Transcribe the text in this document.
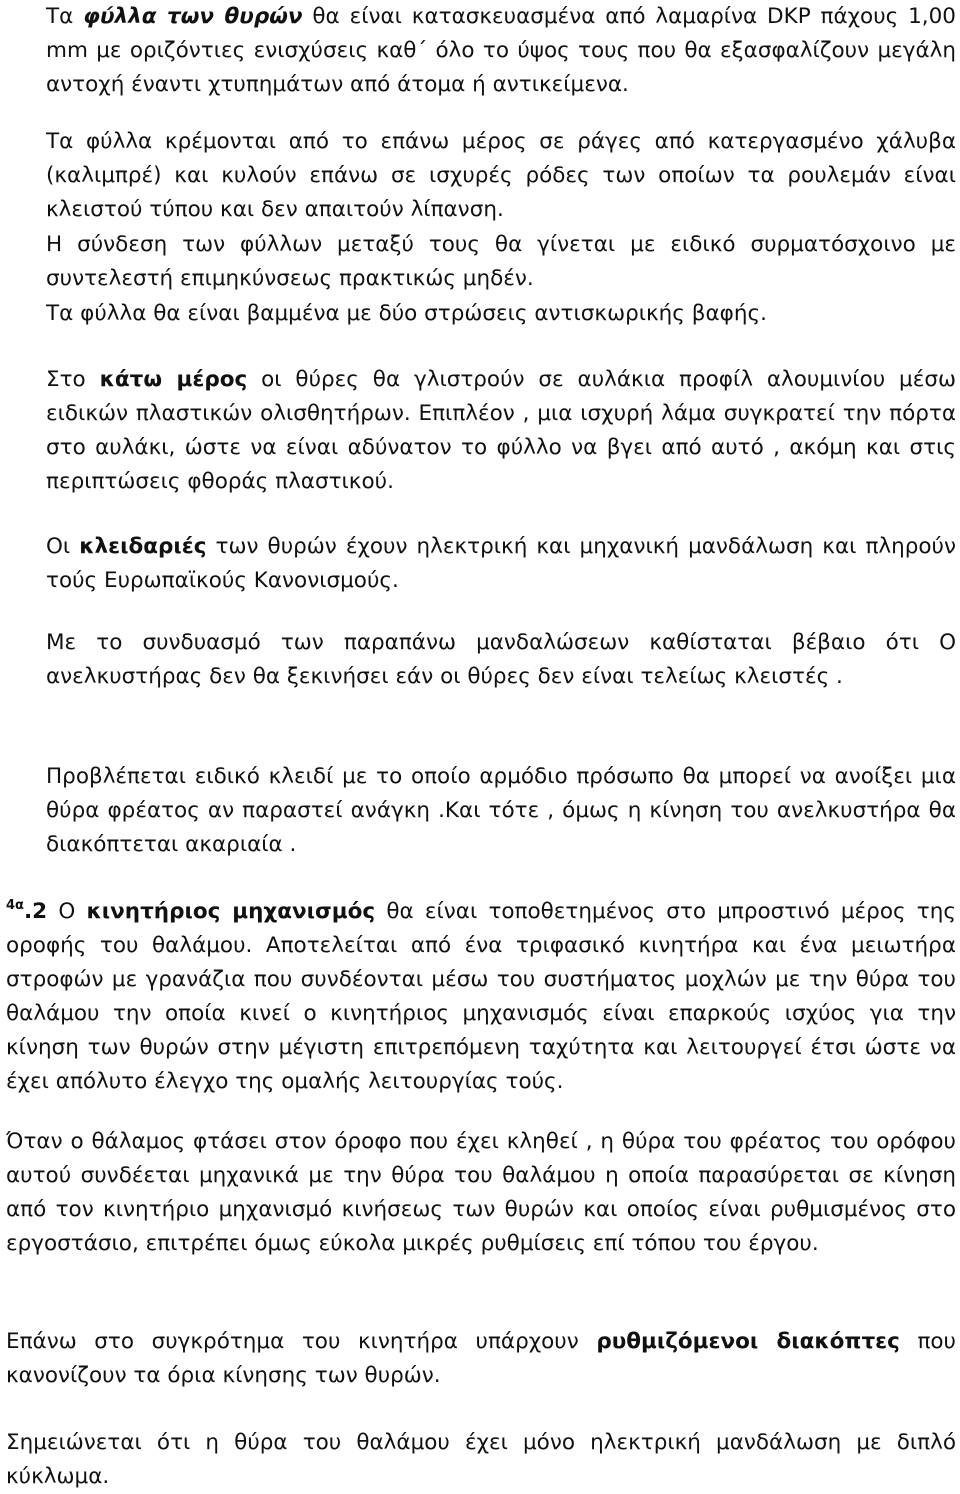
Τα φύλλα των θυρών θα είναι κατασκευασμένα από λαμαρίνα DKP πάχους 1,00 mm με οριζόντιες ενισχύσεις καθ΄ όλο το ύψος τους που θα εξασφαλίζουν μεγάλη αντοχή έναντι χτυπημάτων από άτομα ή αντικείμενα.

Τα φύλλα κρέμονται από το επάνω μέρος σε ράγες από κατεργασμένο χάλυβα (καλιμπρέ) και κυλούν επάνω σε ισχυρές ρόδες των οποίων τα ρουλεμάν είναι κλειστού τύπου και δεν απαιτούν λίπανση.

Η σύνδεση των φύλλων μεταξύ τους θα γίνεται με ειδικό συρματόσχοινο με συντελεστή επιμηκύνσεως πρακτικώς μηδέν.

Τα φύλλα θα είναι βαμμένα με δύο στρώσεις αντισκωρικής βαφής.

Στο κάτω μέρος οι θύρες θα γλιστρούν σε αυλάκια προφίλ αλουμινίου μέσω ειδικών πλαστικών ολισθητήρων. Επιπλέον , μια ισχυρή λάμα συγκρατεί την πόρτα στο αυλάκι, ώστε να είναι αδύνατον το φύλλο να βγει από αυτό , ακόμη και στις περιπτώσεις φθοράς πλαστικού.

Οι κλειδαριές των θυρών έχουν ηλεκτρική και μηχανική μανδάλωση και πληρούν τούς Ευρωπαϊκούς Κανονισμούς.

Με το συνδυασμό των παραπάνω μανδαλώσεων καθίσταται βέβαιο ότι Ο ανελκυστήρας δεν θα ξεκινήσει εάν οι θύρες δεν είναι τελείως κλειστές .

Προβλέπεται ειδικό κλειδί με το οποίο αρμόδιο πρόσωπο θα μπορεί να ανοίξει μια θύρα φρέατος αν παραστεί ανάγκη .Και τότε , όμως η κίνηση του ανελκυστήρα θα διακόπτεται ακαριαία .

$^{4\alpha}$.2 Ο κινητήριος μηχανισμός θα είναι τοποθετημένος στο μπροστινό μέρος της οροφής του θαλάμου. Αποτελείται από ένα τριφασικό κινητήρα και ένα μειωτήρα στροφών με γρανάζια που συνδέονται μέσω του συστήματος μοχλών με την θύρα του θαλάμου την οποία κινεί ο κινητήριος μηχανισμός είναι επαρκούς ισχύος για την κίνηση των θυρών στην μέγιστη επιτρεπόμενη ταχύτητα και λειτουργεί έτσι ώστε να έχει απόλυτο έλεγχο της ομαλής λειτουργίας τούς.

Όταν ο θάλαμος φτάσει στον όροφο που έχει κληθεί , η θύρα του φρέατος του ορόφου αυτού συνδέεται μηχανικά με την θύρα του θαλάμου η οποία παρασύρεται σε κίνηση από τον κινητήριο μηχανισμό κινήσεως των θυρών και οποίος είναι ρυθμισμένος στο εργοστάσιο, επιτρέπει όμως εύκολα μικρές ρυθμίσεις επί τόπου του έργου.

Επάνω στο συγκρότημα του κινητήρα υπάρχουν ρυθμιζόμενοι διακόπτες που κανονίζουν τα όρια κίνησης των θυρών.

Σημειώνεται ότι η θύρα του θαλάμου έχει μόνο ηλεκτρική μανδάλωση με διπλό κύκλωμα.
